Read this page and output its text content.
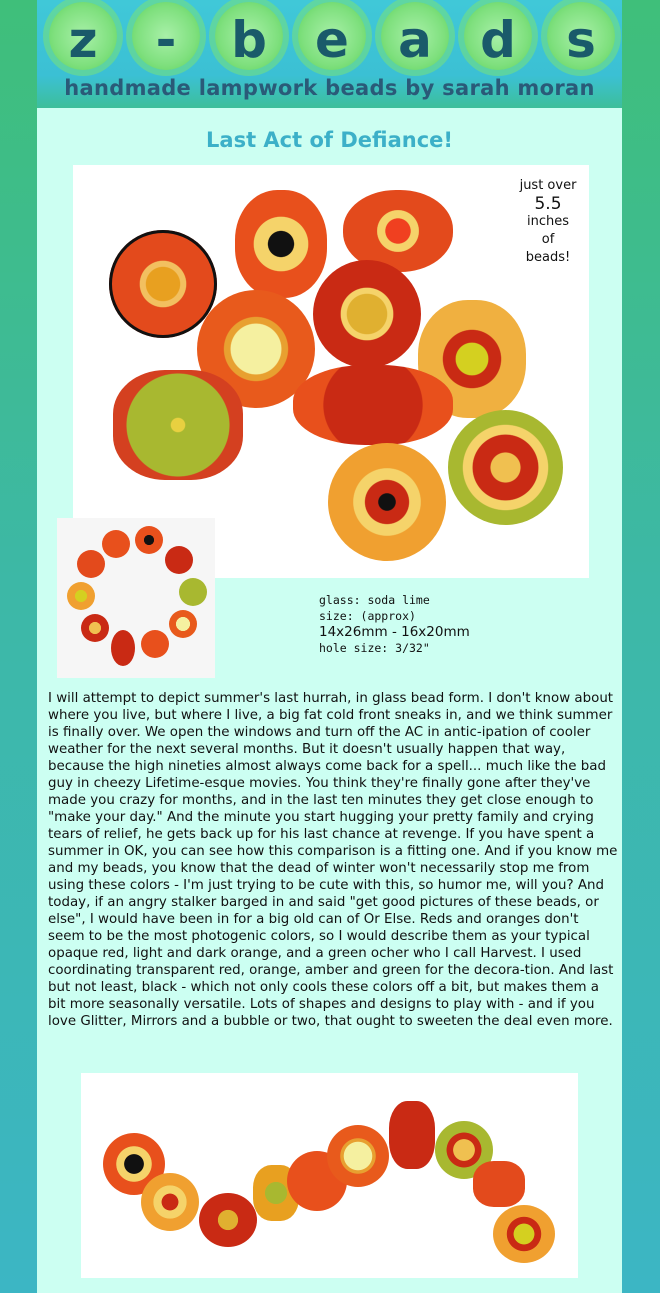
z	-	b e a d	s
handmade lampwork beads by sarah moran
Last Act of Defiance!
just over

5.5
inches
of
beads!
glass: soda lime
size: (approx)
14x26mm - 16x20mm
hole size: 3/32"
I will attempt to depict summer's last hurrah, in glass bead form. I don't know about where you live, but where I live, a big fat cold front sneaks in, and we think summer is finally over. We open the windows and turn off the AC in antic-ipation of cooler weather for the next several months. But it doesn't usually happen that way, because the high nineties almost always come back for a spell... much like the bad guy in cheezy Lifetime-esque movies. You think they're finally gone after they've made you crazy for months, and in the last ten minutes they get close enough to "make your day." And the minute you start hugging your pretty family and crying tears of relief, he gets back up for his last chance at revenge. If you have spent a summer in OK, you can see how this comparison is a fitting one. And if you know me and my beads, you know that the dead of winter won't necessarily stop me from using these colors - I'm just trying to be cute with this, so humor me, will you? And today, if an angry stalker barged in and said "get good pictures of these beads, or else", I would have been in for a big old can of Or Else. Reds and oranges don't seem to be the most photogenic colors, so I would describe them as your typical opaque red, light and dark orange, and a green ocher who I call Harvest. I used coordinating transparent red, orange, amber and green for the decora-tion. And last but not least, black - which not only cools these colors off a bit, but makes them a bit more seasonally versatile. Lots of shapes and designs to play with - and if you love Glitter, Mirrors and a bubble or two, that ought to sweeten the deal even more.
